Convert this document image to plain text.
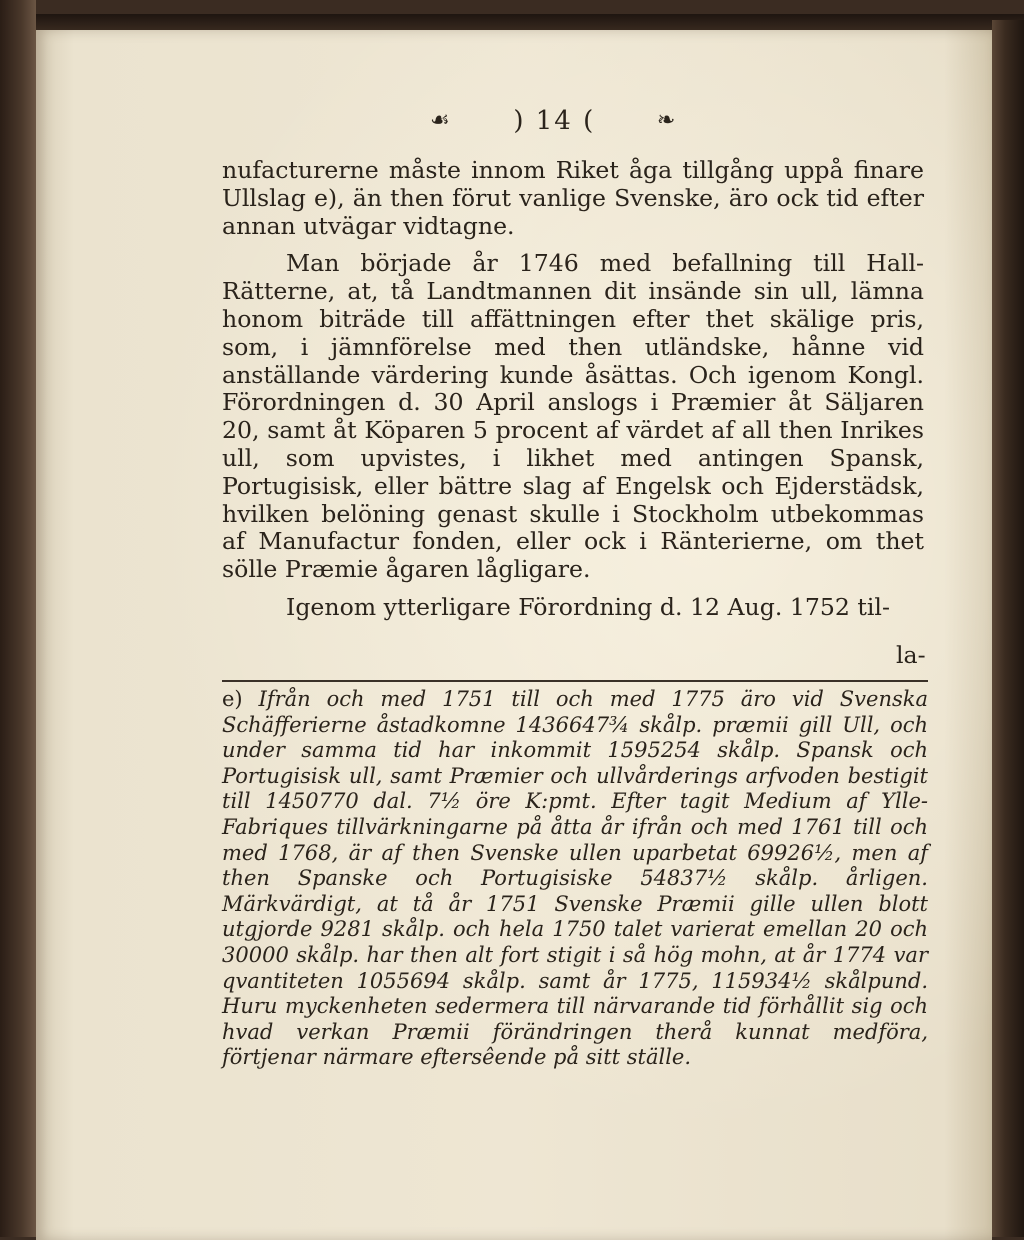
☙ ) 14 (	❧

nufacturerne måste innom Riket åga tillgång uppå finare Ullslag e), än then förut vanlige Svenske, äro ock tid efter annan utvägar vidtagne.

Man började år 1746 med befallning till Hall-Rätterne, at, tå Landtmannen dit insände sin ull, lämna honom biträde till affättningen efter thet skälige pris, som, i jämnförelse med then utländske, hånne vid anställande värdering kunde åsättas. Och igenom Kongl. Förordningen d. 30 April anslogs i Præmier åt Säljaren 20, samt åt Köparen 5 procent af värdet af all then Inrikes ull, som upvistes, i likhet med antingen Spansk, Portugisisk, eller bättre slag af Engelsk och Ejderstädsk, hvilken belöning genast skulle i Stockholm utbekommas af Manufactur fonden, eller ock i Ränterierne, om thet sölle Præmie ågaren lågligare.

Igenom ytterligare Förordning d. 12 Aug. 1752 til-

la-
e) Ifrån och med 1751 till och med 1775 äro vid Svenska Schäfferierne åstadkomne 1436647¾ skålp. præmii gill Ull, och under samma tid har inkommit 1595254 skålp. Spansk och Portugisisk ull, samt Præmier och ullvårderings arfvoden bestigit till 1450770 dal. 7½ öre K:pmt. Efter tagit Medium af Ylle-Fabriques tillvärkningarne på åtta år ifrån och med 1761 till och med 1768, är af then Svenske ullen uparbetat 69926½, men af then Spanske och Portugisiske 54837½ skålp. årligen. Märkvärdigt, at tå år 1751 Svenske Præmii gille ullen blott utgjorde 9281 skålp. och hela 1750 talet varierat emellan 20 och 30000 skålp. har then alt fort stigit i så hög mohn, at år 1774 var qvantiteten 1055694 skålp. samt år 1775, 115934½ skålpund. Huru myckenheten sedermera till närvarande tid förhållit sig och hvad verkan Præmii förändringen therå kunnat medföra, förtjenar närmare eftersêende på sitt ställe.
